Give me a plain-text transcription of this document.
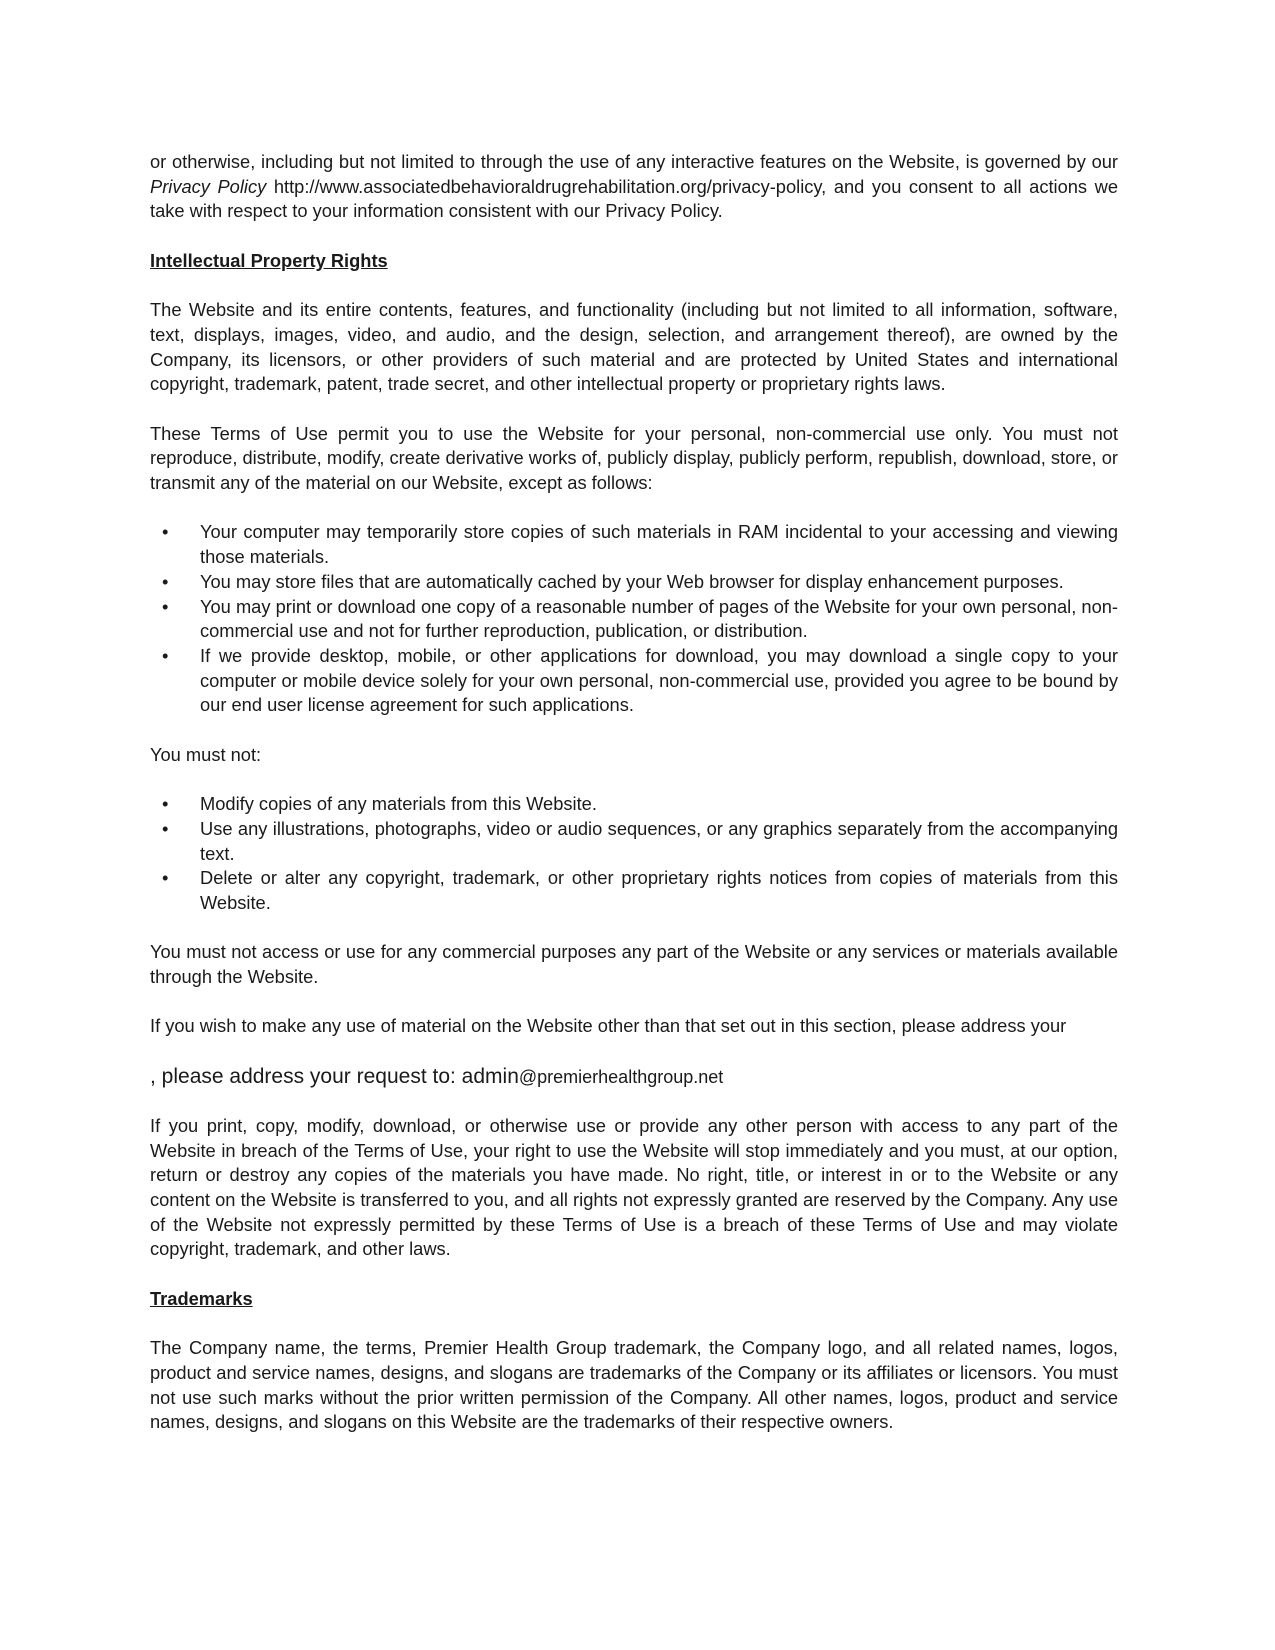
or otherwise, including but not limited to through the use of any interactive features on the Website, is governed by our Privacy Policy http://www.associatedbehavioraldrugrehabilitation.org/privacy-policy, and you consent to all actions we take with respect to your information consistent with our Privacy Policy.

Intellectual Property Rights

The Website and its entire contents, features, and functionality (including but not limited to all information, software, text, displays, images, video, and audio, and the design, selection, and arrangement thereof), are owned by the Company, its licensors, or other providers of such material and are protected by United States and international copyright, trademark, patent, trade secret, and other intellectual property or proprietary rights laws.

These Terms of Use permit you to use the Website for your personal, non-commercial use only. You must not reproduce, distribute, modify, create derivative works of, publicly display, publicly perform, republish, download, store, or transmit any of the material on our Website, except as follows:

• Your computer may temporarily store copies of such materials in RAM incidental to your accessing and viewing those materials.
• You may store files that are automatically cached by your Web browser for display enhancement purposes.
• You may print or download one copy of a reasonable number of pages of the Website for your own personal, non-commercial use and not for further reproduction, publication, or distribution.
• If we provide desktop, mobile, or other applications for download, you may download a single copy to your computer or mobile device solely for your own personal, non-commercial use, provided you agree to be bound by our end user license agreement for such applications.

You must not:

• Modify copies of any materials from this Website.
• Use any illustrations, photographs, video or audio sequences, or any graphics separately from the accompanying text.
• Delete or alter any copyright, trademark, or other proprietary rights notices from copies of materials from this Website.

You must not access or use for any commercial purposes any part of the Website or any services or materials available through the Website.

If you wish to make any use of material on the Website other than that set out in this section, please address your

, please address your request to: admin@premierhealthgroup.net

If you print, copy, modify, download, or otherwise use or provide any other person with access to any part of the Website in breach of the Terms of Use, your right to use the Website will stop immediately and you must, at our option, return or destroy any copies of the materials you have made. No right, title, or interest in or to the Website or any content on the Website is transferred to you, and all rights not expressly granted are reserved by the Company. Any use of the Website not expressly permitted by these Terms of Use is a breach of these Terms of Use and may violate copyright, trademark, and other laws.

Trademarks

The Company name, the terms, Premier Health Group trademark, the Company logo, and all related names, logos, product and service names, designs, and slogans are trademarks of the Company or its affiliates or licensors. You must not use such marks without the prior written permission of the Company. All other names, logos, product and service names, designs, and slogans on this Website are the trademarks of their respective owners.
